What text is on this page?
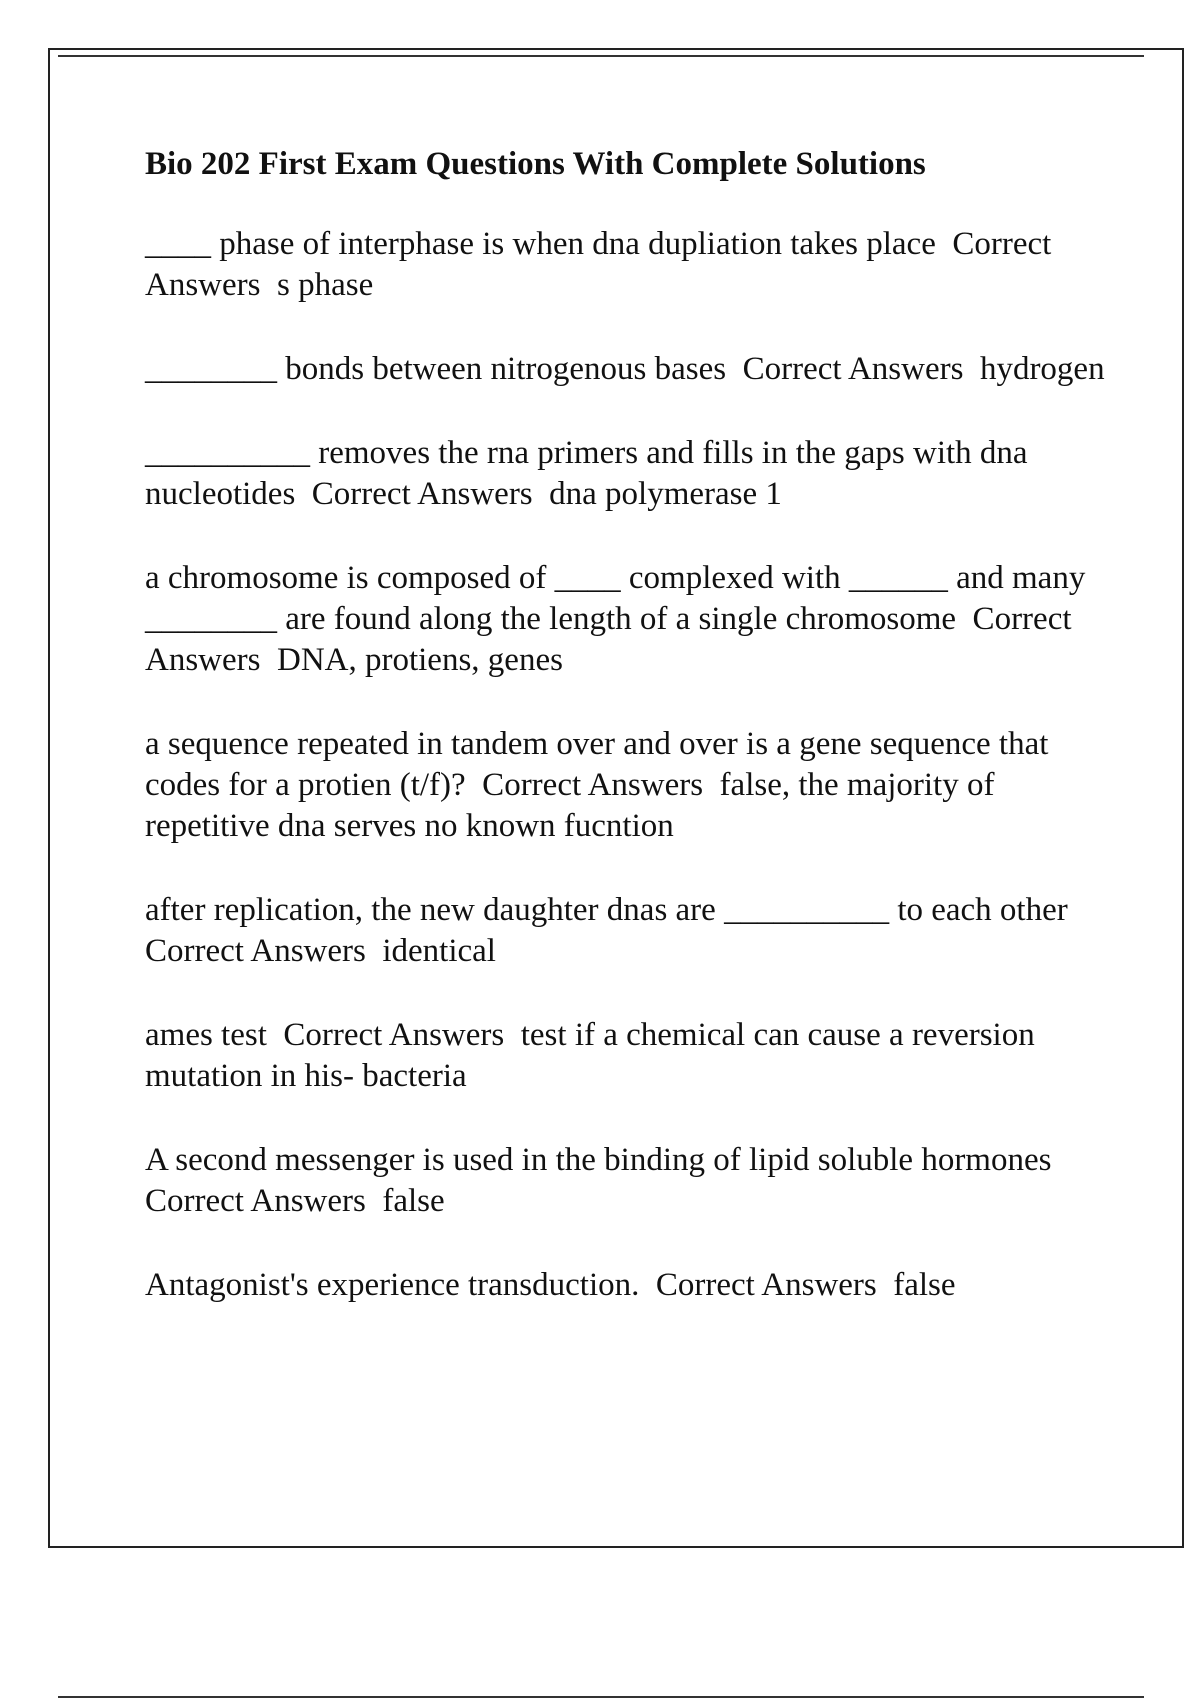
Bio 202 First Exam Questions With Complete Solutions

____ phase of interphase is when dna dupliation takes place  Correct Answers  s phase

________ bonds between nitrogenous bases  Correct Answers  hydrogen

__________ removes the rna primers and fills in the gaps with dna nucleotides  Correct Answers  dna polymerase 1

a chromosome is composed of ____ complexed with ______ and many ________ are found along the length of a single chromosome  Correct Answers  DNA, protiens, genes

a sequence repeated in tandem over and over is a gene sequence that codes for a protien (t/f)?  Correct Answers  false, the majority of repetitive dna serves no known fucntion

after replication, the new daughter dnas are __________ to each other  Correct Answers  identical

ames test  Correct Answers  test if a chemical can cause a reversion mutation in his- bacteria

A second messenger is used in the binding of lipid soluble hormones  Correct Answers  false

Antagonist's experience transduction.  Correct Answers  false
